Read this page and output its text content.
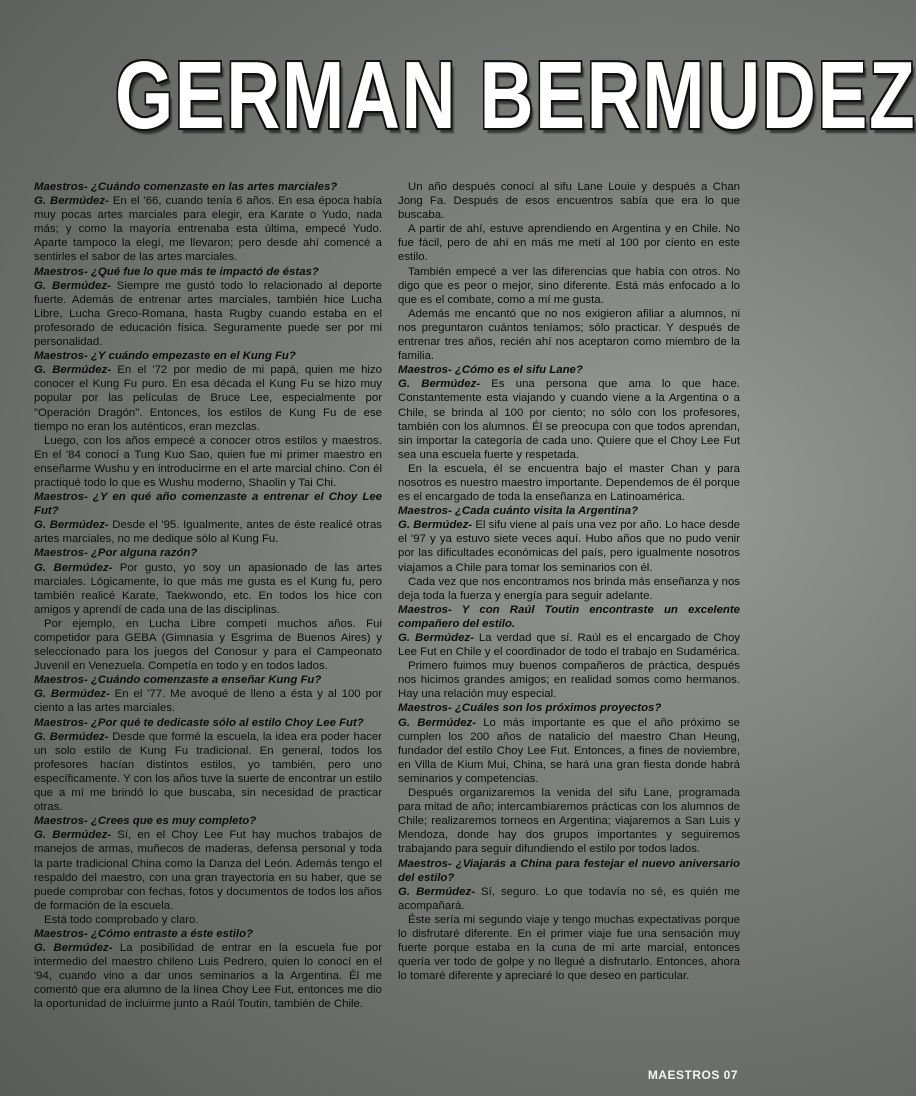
GERMAN BERMUDEZ

Maestros- ¿Cuándo comenzaste en las artes marciales?

G. Bermúdez- En el '66, cuando tenía 6 años. En esa época había muy pocas artes marciales para elegir, era Karate o Yudo, nada más; y como la mayoría entrenaba esta última, empecé Yudo. Aparte tampoco la elegí, me llevaron; pero desde ahí comencé a sentirles el sabor de las artes marciales.

Maestros- ¿Qué fue lo que más te impactó de éstas?

G. Bermúdez- Siempre me gustó todo lo relacionado al deporte fuerte. Además de entrenar artes marciales, también hice Lucha Libre, Lucha Greco-Romana, hasta Rugby cuando estaba en el profesorado de educación física. Seguramente puede ser por mi personalidad.

Maestros- ¿Y cuándo empezaste en el Kung Fu?

G. Bermúdez- En el '72 por medio de mi papá, quien me hizo conocer el Kung Fu puro. En esa década el Kung Fu se hizo muy popular por las películas de Bruce Lee, especialmente por "Operación Dragón". Entonces, los estilos de Kung Fu de ese tiempo no eran los auténticos, eran mezclas.

Luego, con los años empecé a conocer otros estilos y maestros. En el '84 conocí a Tung Kuo Sao, quien fue mi primer maestro en enseñarme Wushu y en introducirme en el arte marcial chino. Con él practiqué todo lo que es Wushu moderno, Shaolin y Tai Chi.

Maestros- ¿Y en qué año comenzaste a entrenar el Choy Lee Fut?

G. Bermúdez- Desde el '95. Igualmente, antes de éste realicé otras artes marciales, no me dedique sólo al Kung Fu.

Maestros- ¿Por alguna razón?

G. Bermúdez- Por gusto, yo soy un apasionado de las artes marciales. Lógicamente, lo que más me gusta es el Kung fu, pero también realicé Karate, Taekwondo, etc. En todos los hice con amigos y aprendí de cada una de las disciplinas.

Por ejemplo, en Lucha Libre competí muchos años. Fui competidor para GEBA (Gimnasia y Esgrima de Buenos Aires) y seleccionado para los juegos del Conosur y para el Campeonato Juvenil en Venezuela. Competía en todo y en todos lados.

Maestros- ¿Cuándo comenzaste a enseñar Kung Fu?

G. Bermúdez- En el '77. Me avoqué de lleno a ésta y al 100 por ciento a las artes marciales.

Maestros- ¿Por qué te dedicaste sólo al estilo Choy Lee Fut?

G. Bermúdez- Desde que formé la escuela, la idea era poder hacer un solo estilo de Kung Fu tradicional. En general, todos los profesores hacían distintos estilos, yo también, pero uno específicamente. Y con los años tuve la suerte de encontrar un estilo que a mí me brindó lo que buscaba, sin necesidad de practicar otras.

Maestros- ¿Crees que es muy completo?

G. Bermúdez- Sí, en el Choy Lee Fut hay muchos trabajos de manejos de armas, muñecos de maderas, defensa personal y toda la parte tradicional China como la Danza del León. Además tengo el respaldo del maestro, con una gran trayectoria en su haber, que se puede comprobar con fechas, fotos y documentos de todos los años de formación de la escuela.

Está todo comprobado y claro.

Maestros- ¿Cómo entraste a éste estilo?

G. Bermúdez- La posibilidad de entrar en la escuela fue por intermedio del maestro chileno Luis Pedrero, quien lo conocí en el '94, cuando vino a dar unos seminarios a la Argentina. Él me comentó que era alumno de la línea Choy Lee Fut, entonces me dio la oportunidad de incluirme junto a Raúl Toutin, también de Chile.

Un año después conocí al sifu Lane Louie y después a Chan Jong Fa. Después de esos encuentros sabía que era lo que buscaba.

A partir de ahí, estuve aprendiendo en Argentina y en Chile. No fue fácil, pero de ahí en más me metí al 100 por ciento en este estilo.

También empecé a ver las diferencias que había con otros. No digo que es peor o mejor, sino diferente. Está más enfocado a lo que es el combate, como a mí me gusta.

Además me encantó que no nos exigieron afiliar a alumnos, ni nos preguntaron cuántos teníamos; sólo practicar. Y después de entrenar tres años, recién ahí nos aceptaron como miembro de la familia.

Maestros- ¿Cómo es el sifu Lane?

G. Bermúdez- Es una persona que ama lo que hace. Constantemente esta viajando y cuando viene a la Argentina o a Chile, se brinda al 100 por ciento; no sólo con los profesores, también con los alumnos. Él se preocupa con que todos aprendan, sin importar la categoría de cada uno. Quiere que el Choy Lee Fut sea una escuela fuerte y respetada.

En la escuela, él se encuentra bajo el master Chan y para nosotros es nuestro maestro importante. Dependemos de él porque es el encargado de toda la enseñanza en Latinoamérica.

Maestros- ¿Cada cuánto visita la Argentina?

G. Bermúdez- El sifu viene al país una vez por año. Lo hace desde el '97 y ya estuvo siete veces aquí. Hubo años que no pudo venir por las dificultades económicas del país, pero igualmente nosotros viajamos a Chile para tomar los seminarios con él.

Cada vez que nos encontramos nos brinda más enseñanza y nos deja toda la fuerza y energía para seguir adelante.

Maestros- Y con Raúl Toutin encontraste un excelente compañero del estilo.

G. Bermúdez- La verdad que sí. Raúl es el encargado de Choy Lee Fut en Chile y el coordinador de todo el trabajo en Sudamérica.

Primero fuimos muy buenos compañeros de práctica, después nos hicimos grandes amigos; en realidad somos como hermanos. Hay una relación muy especial.

Maestros- ¿Cuáles son los próximos proyectos?

G. Bermúdez- Lo más importante es que el año próximo se cumplen los 200 años de natalicio del maestro Chan Heung, fundador del estilo Choy Lee Fut. Entonces, a fines de noviembre, en Villa de Kium Mui, China, se hará una gran fiesta donde habrá seminarios y competencias.

Después organizaremos la venida del sifu Lane, programada para mitad de año; intercambiaremos prácticas con los alumnos de Chile; realizaremos torneos en Argentina; viajaremos a San Luis y Mendoza, donde hay dos grupos importantes y seguiremos trabajando para seguir difundiendo el estilo por todos lados.

Maestros- ¿Viajarás a China para festejar el nuevo aniversario del estilo?

G. Bermúdez- Sí, seguro. Lo que todavía no sé, es quién me acompañará.

Éste sería mi segundo viaje y tengo muchas expectativas porque lo disfrutaré diferente. En el primer viaje fue una sensación muy fuerte porque estaba en la cuna de mi arte marcial, entonces quería ver todo de golpe y no llegué a disfrutarlo. Entonces, ahora lo tomaré diferente y apreciaré lo que deseo en particular.

MAESTROS 07
